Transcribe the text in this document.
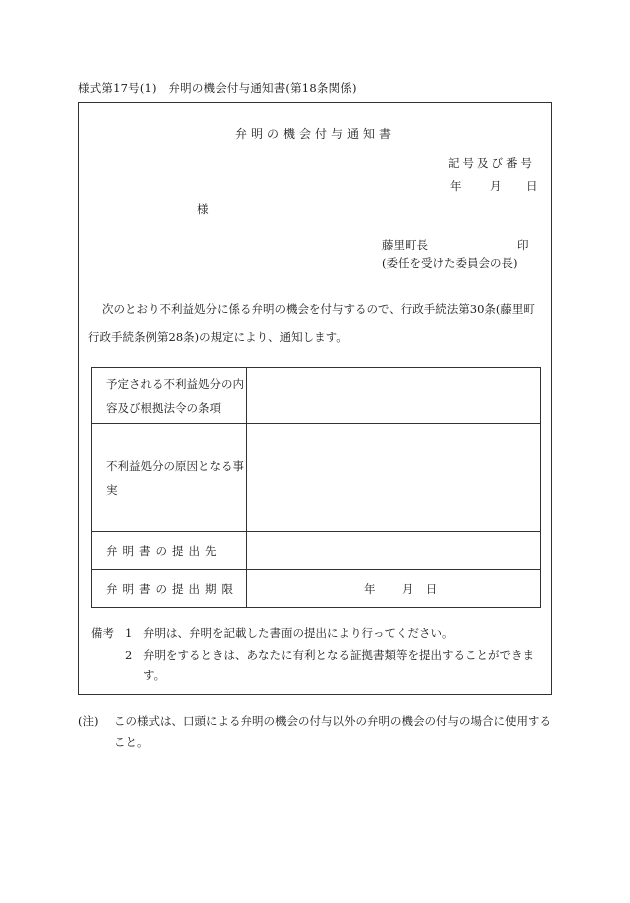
様式第17号(1)　弁明の機会付与通知書(第18条関係)
弁明の機会付与通知書
記号及び番号
年 月 日
様
藤里町長	印
(委任を受けた委員会の長)
次のとおり不利益処分に係る弁明の機会を付与するので、行政手続法第30条(藤里町行政手続条例第28条)の規定により、通知します。
予定される不利益処分の内容及び根拠法令の条項	
不利益処分の原因となる事実	
弁明書の提出先	
弁明書の提出期限	年 月 日
備考 1 弁明は、弁明を記載した書面の提出により行ってください。
2 弁明をするときは、あなたに有利となる証拠書類等を提出することができます。
(注)	この様式は、口頭による弁明の機会の付与以外の弁明の機会の付与の場合に使用すること。
